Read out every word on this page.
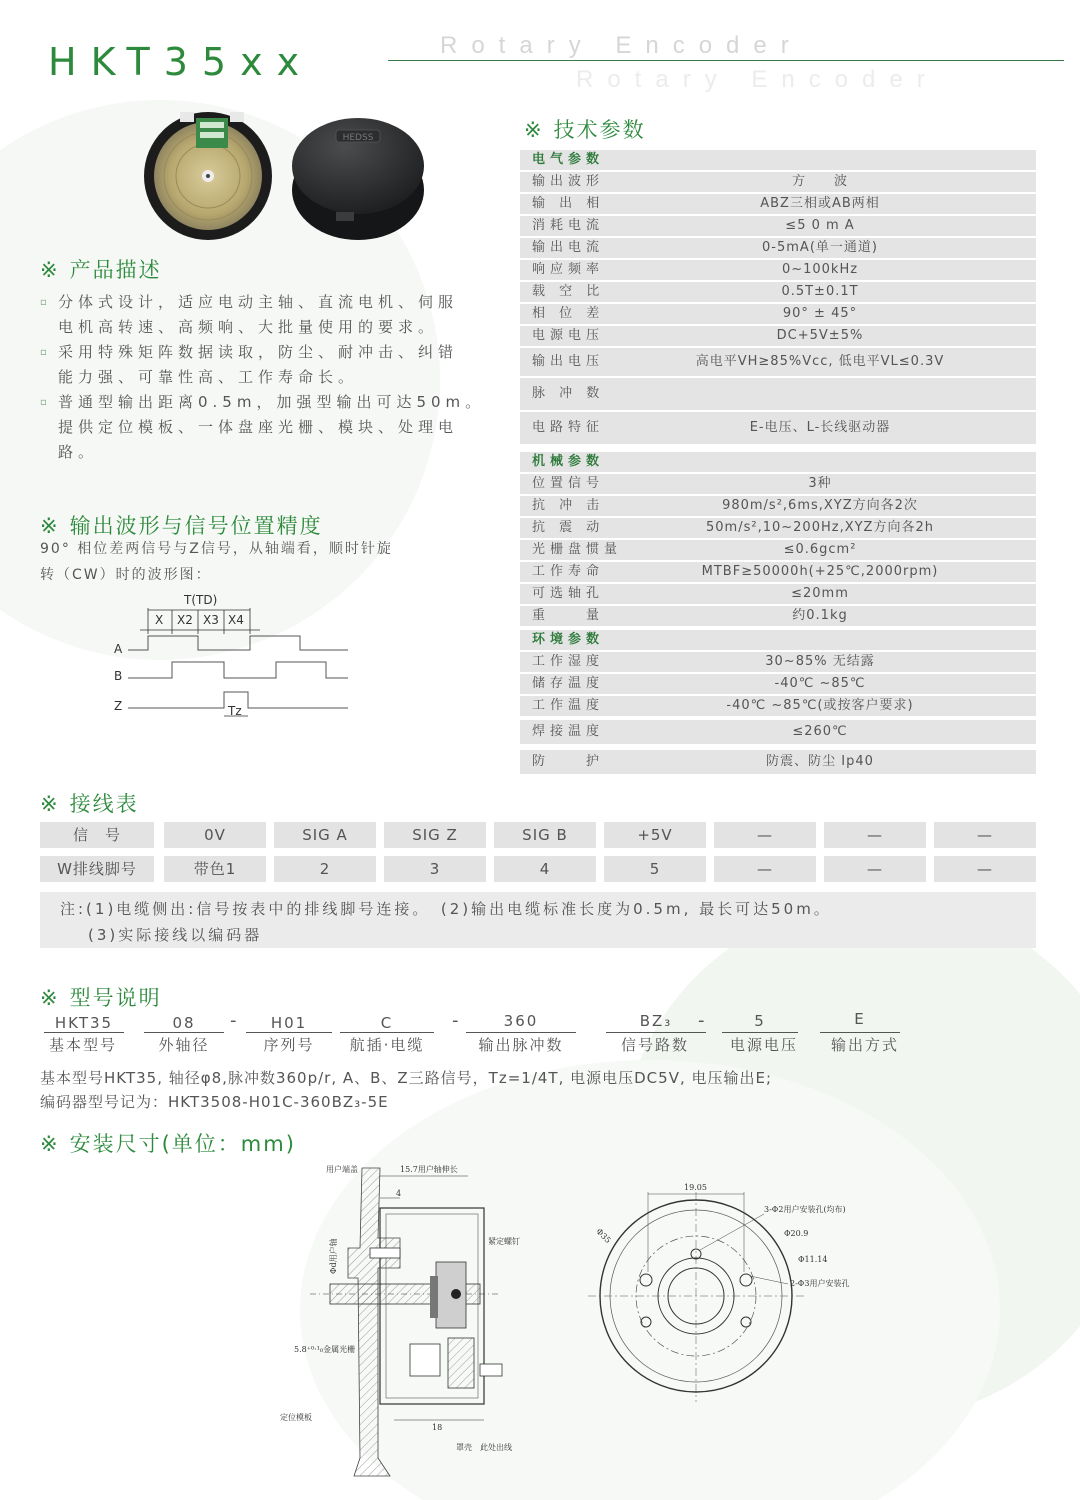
HKT35xx	Rotary Encoder
Rotary Encoder
HEDSS
※ 产品描述
▫ 分体式设计，适应电动主轴、直流电机、伺服
电机高转速、高频响、大批量使用的要求。
▫ 采用特殊矩阵数据读取，防尘、耐冲击、纠错
能力强、可靠性高、工作寿命长。
▫ 普通型输出距离0.5m，加强型输出可达50m。
提供定位模板、一体盘座光栅、模块、处理电
路。
※ 输出波形与信号位置精度
90° 相位差两信号与Z信号，从轴端看，顺时针旋
转（CW）时的波形图：
T(TD)
X X2 X3 X4
A
B
Z	Tz
※ 技术参数
电气参数
输出波形	方　　波
输 出 相	ABZ三相或AB两相
消耗电流	≤5 0 m A
输出电流	0-5mA(单一通道)
响应频率	0~100kHz
载 空 比	0.5T±0.1T
相 位 差	90° ± 45°
电源电压	DC+5V±5%
输出电压	高电平VH≥85%Vcc, 低电平VL≤0.3V
脉 冲 数
电路特征	E-电压、L-长线驱动器
机械参数
位置信号	3种
抗 冲 击	980m/s²,6ms,XYZ方向各2次
抗 震 动	50m/s²,10~200Hz,XYZ方向各2h
光栅盘惯量	≤0.6gcm²
工作寿命	MTBF≥50000h(+25℃,2000rpm)
可选轴孔	≤20mm
重　　量	约0.1kg
环境参数
工作湿度	30~85% 无结露
储存温度	-40℃ ~85℃
工作温度	-40℃ ~85℃(或按客户要求)
焊接温度	≤260℃
防　　护	防震、防尘 Ip40
※ 接线表
信　号	0V	SIG A	SIG Z	SIG B	+5V	—	—	—
W排线脚号	带色1	2	3	4	5	—	—	—
注:(1)电缆侧出:信号按表中的排线脚号连接。　(2)输出电缆标准长度为0.5m, 最长可达50m。
(3)实际接线以编码器
※ 型号说明
HKT35
基本型号
08
外轴径
-	H01
序列号
C
航插·电缆
-	360
输出脉冲数
BZ₃
信号路数
-	5
电源电压
E
输出方式
基本型号HKT35, 轴径φ8,脉冲数360p/r, A、B、Z三路信号，Tz=1/4T, 电源电压DC5V, 电压输出E;
编码器型号记为：HKT3508-H01C-360BZ₃-5E
※ 安装尺寸(单位：mm)
用户端盖	15.7用户轴伸长
4
紧定螺钉
Φd用户轴
5.8⁺⁰·¹₀金属光栅
定位模板
18
罩壳 此处出线
19.05
Φ35
3-Φ2用户安装孔(均布)
Φ20.9
Φ11.14
2-Φ3用户安装孔
